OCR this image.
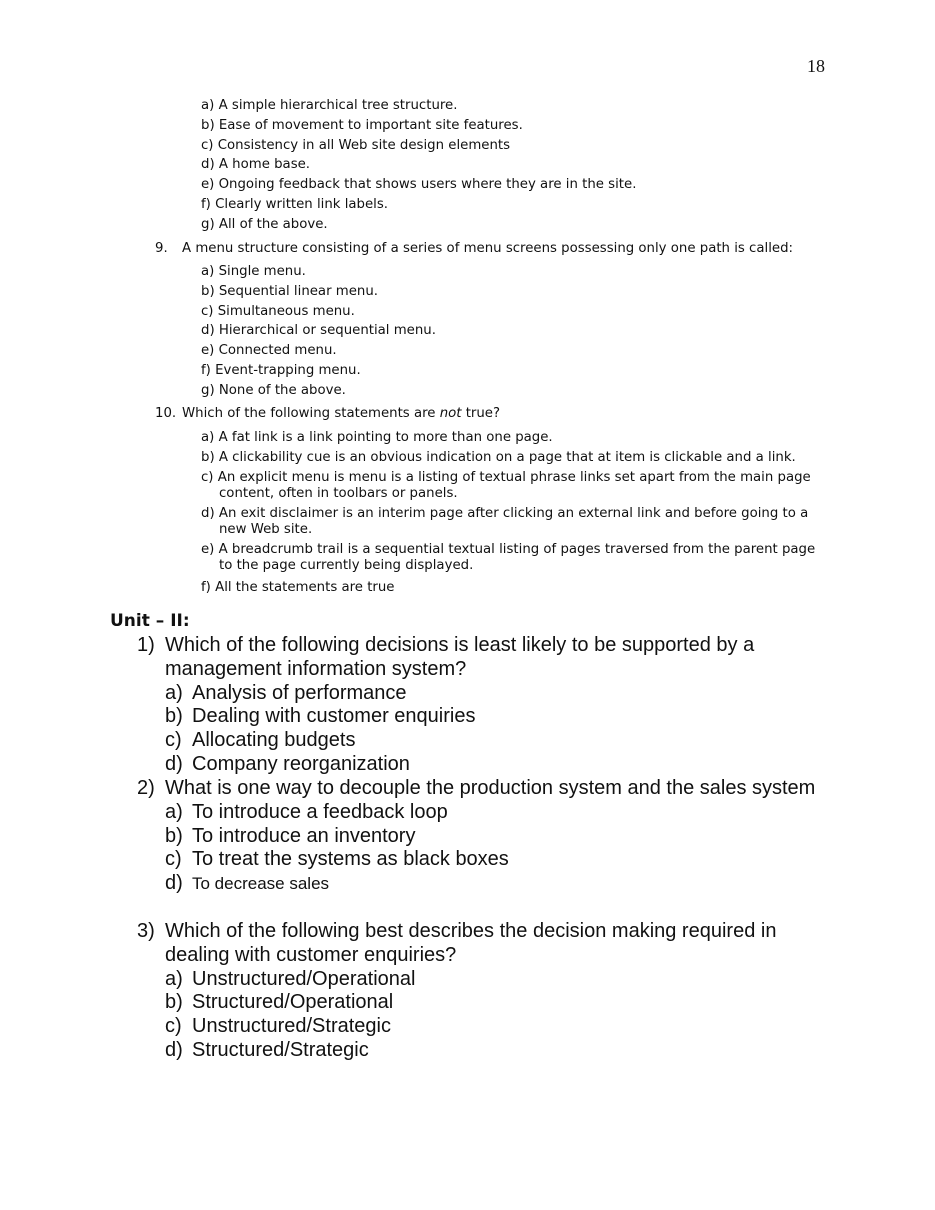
18
a) A simple hierarchical tree structure.
b) Ease of movement to important site features.
c) Consistency in all Web site design elements
d) A home base.
e) Ongoing feedback that shows users where they are in the site.
f) Clearly written link labels.
g) All of the above.
9. A menu structure consisting of a series of menu screens possessing only one path is called:
a) Single menu.
b) Sequential linear menu.
c) Simultaneous menu.
d) Hierarchical or sequential menu.
e) Connected menu.
f) Event-trapping menu.
g) None of the above.
10. Which of the following statements are not true?
a) A fat link is a link pointing to more than one page.
b) A clickability cue is an obvious indication on a page that at item is clickable and a link.
c) An explicit menu is menu is a listing of textual phrase links set apart from the main page content, often in toolbars or panels.
d) An exit disclaimer is an interim page after clicking an external link and before going to a new Web site.
e) A breadcrumb trail is a sequential textual listing of pages traversed from the parent page to the page currently being displayed.
f) All the statements are true
Unit – II:
1) Which of the following decisions is least likely to be supported by a management information system?
a) Analysis of performance
b) Dealing with customer enquiries
c) Allocating budgets
d) Company reorganization
2) What is one way to decouple the production system and the sales system
a) To introduce a feedback loop
b) To introduce an inventory
c) To treat the systems as black boxes
d) To decrease sales
3) Which of the following best describes the decision making required in dealing with customer enquiries?
a) Unstructured/Operational
b) Structured/Operational
c) Unstructured/Strategic
d) Structured/Strategic
